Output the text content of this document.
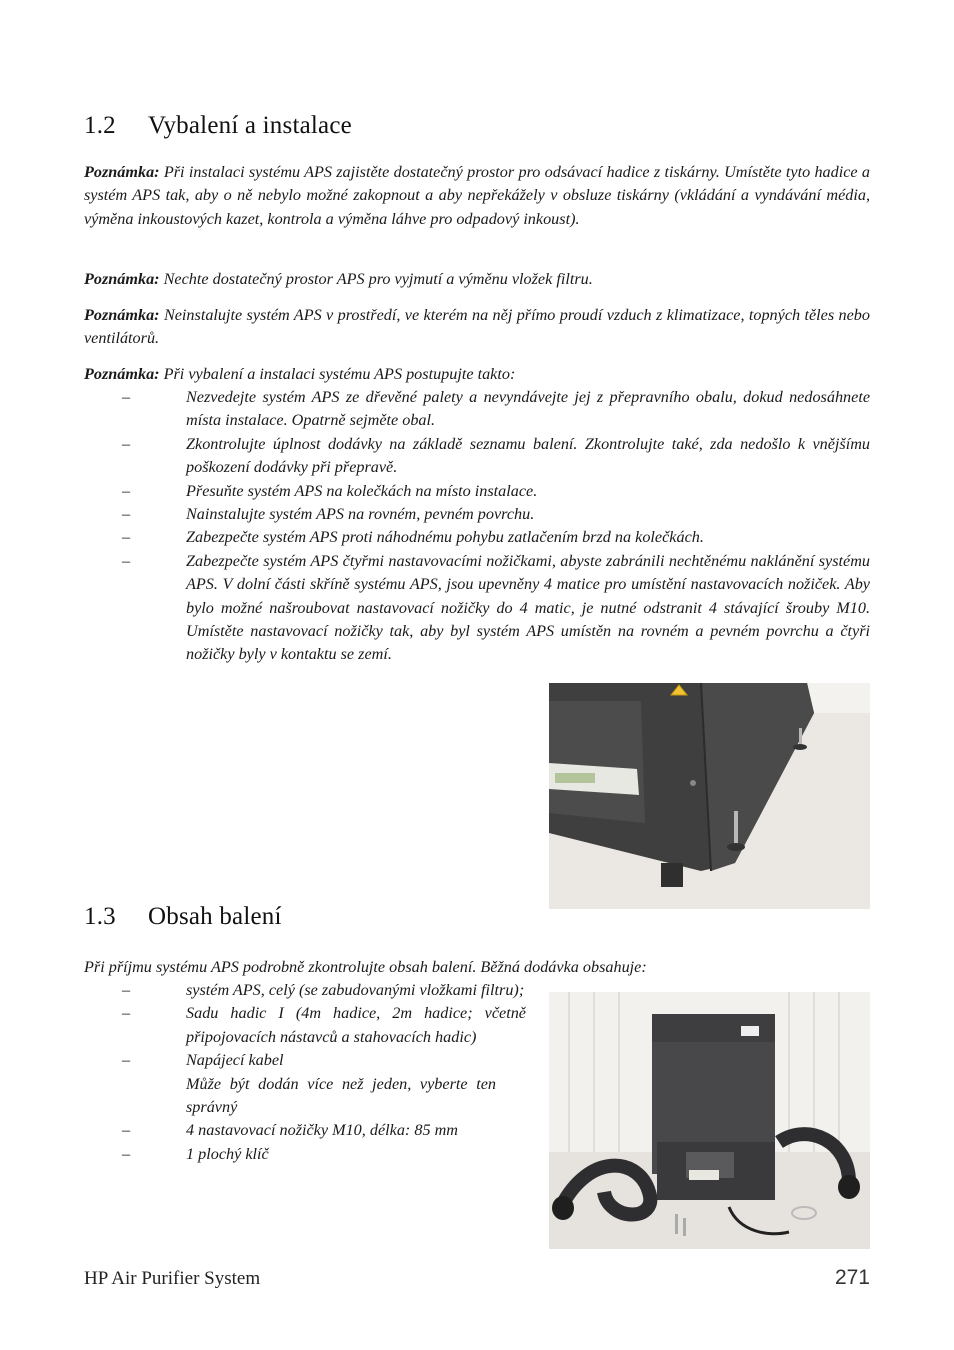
1.2 Vybalení a instalace

Poznámka: Při instalaci systému APS zajistěte dostatečný prostor pro odsávací hadice z tiskárny. Umístěte tyto hadice a systém APS tak, aby o ně nebylo možné zakopnout a aby nepřekážely v obsluze tiskárny (vkládání a vyndávání média, výměna inkoustových kazet, kontrola a výměna láhve pro odpadový inkoust).

Poznámka: Nechte dostatečný prostor APS pro vyjmutí a výměnu vložek filtru.

Poznámka: Neinstalujte systém APS v prostředí, ve kterém na něj přímo proudí vzduch z klimatizace, topných těles nebo ventilátorů.

Poznámka: Při vybalení a instalaci systému APS postupujte takto:

–	Nezvedejte systém APS ze dřevěné palety a nevyndávejte jej z přepravního obalu, dokud nedosáhnete místa instalace. Opatrně sejměte obal.
–	Zkontrolujte úplnost dodávky na základě seznamu balení. Zkontrolujte také, zda nedošlo k vnějšímu poškození dodávky při přepravě.
–	Přesuňte systém APS na kolečkách na místo instalace.
–	Nainstalujte systém APS na rovném, pevném povrchu.
–	Zabezpečte systém APS proti náhodnému pohybu zatlačením brzd na kolečkách.
–	Zabezpečte systém APS čtyřmi nastavovacími nožičkami, abyste zabránili nechtěnému naklánění systému APS. V dolní části skříně systému APS, jsou upevněny 4 matice pro umístění nastavovacích nožiček. Aby bylo možné našroubovat nastavovací nožičky do 4 matic, je nutné odstranit 4 stávající šrouby M10. Umístěte nastavovací nožičky tak, aby byl systém APS umístěn na rovném a pevném povrchu a čtyři nožičky byly v kontaktu se zemí.
1.3 Obsah balení

Při příjmu systému APS podrobně zkontrolujte obsah balení. Běžná dodávka obsahuje:

–	systém APS, celý (se zabudovanými vložkami filtru);
–	Sadu hadic I (4m hadice, 2m hadice; včetně připojovacích nástavců a stahovacích hadic)
–	Napájecí kabel
Může být dodán více než jeden, vyberte ten správný
–	4 nastavovací nožičky M10, délka: 85 mm
–	1 plochý klíč
HP Air Purifier System	271
